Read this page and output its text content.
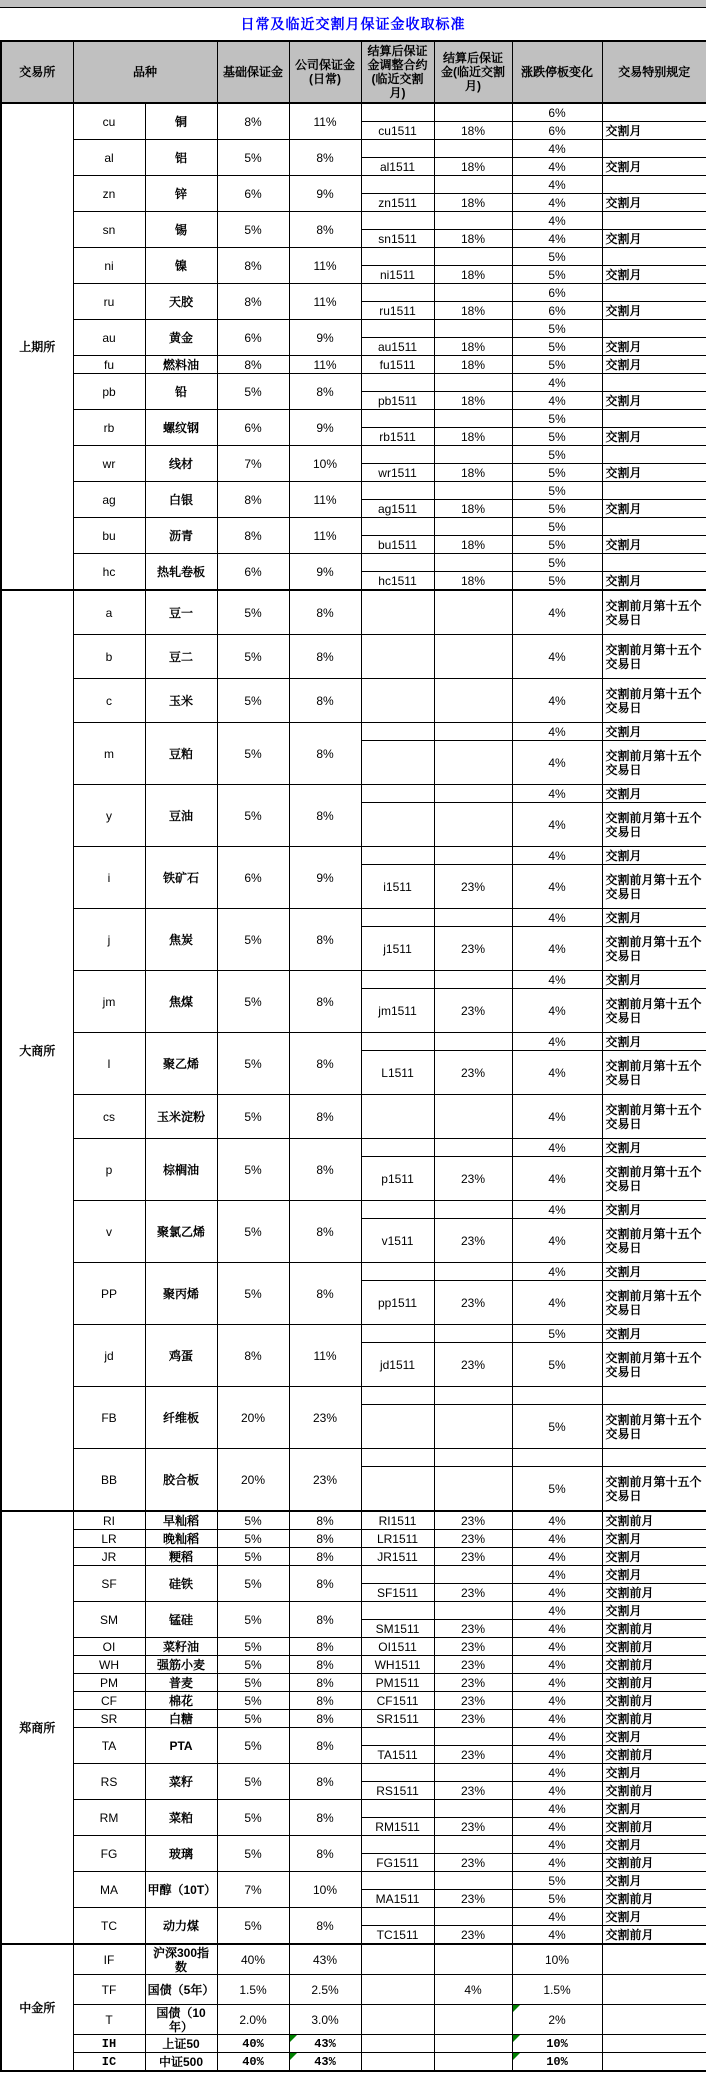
日常及临近交割月保证金收取标准
交易所	品种		基础保证金	公司保证金(日常)	结算后保证金调整合约(临近交割月)	结算后保证金(临近交割月)	涨跌停板变化	交易特别规定
上期所	cu	铜	8%	11%			6%	
					cu1511	18%	6%	交割月
	al	铝	5%	8%			4%	
					al1511	18%	4%	交割月
	zn	锌	6%	9%			4%	
					zn1511	18%	4%	交割月
	sn	锡	5%	8%			4%	
					sn1511	18%	4%	交割月
	ni	镍	8%	11%			5%	
					ni1511	18%	5%	交割月
	ru	天胶	8%	11%			6%	
					ru1511	18%	6%	交割月
	au	黄金	6%	9%			5%	
					au1511	18%	5%	交割月
	fu	燃料油	8%	11%	fu1511	18%	5%	交割月
	pb	铅	5%	8%			4%	
					pb1511	18%	4%	交割月
	rb	螺纹钢	6%	9%			5%	
					rb1511	18%	5%	交割月
	wr	线材	7%	10%			5%	
					wr1511	18%	5%	交割月
	ag	白银	8%	11%			5%	
					ag1511	18%	5%	交割月
	bu	沥青	8%	11%			5%	
					bu1511	18%	5%	交割月
	hc	热轧卷板	6%	9%			5%	
					hc1511	18%	5%	交割月
大商所	a	豆一	5%	8%			4%	交割前月第十五个交易日
	b	豆二	5%	8%			4%	交割前月第十五个交易日
	c	玉米	5%	8%			4%	交割前月第十五个交易日
	m	豆粕	5%	8%			4%	交割月
							4%	交割前月第十五个交易日
	y	豆油	5%	8%			4%	交割月
							4%	交割前月第十五个交易日
	i	铁矿石	6%	9%			4%	交割月
					i1511	23%	4%	交割前月第十五个交易日
	j	焦炭	5%	8%			4%	交割月
					j1511	23%	4%	交割前月第十五个交易日
	jm	焦煤	5%	8%			4%	交割月
					jm1511	23%	4%	交割前月第十五个交易日
	l	聚乙烯	5%	8%			4%	交割月
					L1511	23%	4%	交割前月第十五个交易日
	cs	玉米淀粉	5%	8%			4%	交割前月第十五个交易日
	p	棕榈油	5%	8%			4%	交割月
					p1511	23%	4%	交割前月第十五个交易日
	v	聚氯乙烯	5%	8%			4%	交割月
					v1511	23%	4%	交割前月第十五个交易日
	PP	聚丙烯	5%	8%			4%	交割月
					pp1511	23%	4%	交割前月第十五个交易日
	jd	鸡蛋	8%	11%			5%	交割月
					jd1511	23%	5%	交割前月第十五个交易日
	FB	纤维板	20%	23%				
							5%	交割前月第十五个交易日
	BB	胶合板	20%	23%				
							5%	交割前月第十五个交易日
郑商所	RI	早籼稻	5%	8%	RI1511	23%	4%	交割前月
	LR	晚籼稻	5%	8%	LR1511	23%	4%	交割月
	JR	粳稻	5%	8%	JR1511	23%	4%	交割月
	SF	硅铁	5%	8%			4%	交割月
					SF1511	23%	4%	交割前月
	SM	锰硅	5%	8%			4%	交割月
					SM1511	23%	4%	交割前月
	OI	菜籽油	5%	8%	OI1511	23%	4%	交割前月
	WH	强筋小麦	5%	8%	WH1511	23%	4%	交割前月
	PM	普麦	5%	8%	PM1511	23%	4%	交割前月
	CF	棉花	5%	8%	CF1511	23%	4%	交割前月
	SR	白糖	5%	8%	SR1511	23%	4%	交割前月
	TA	PTA	5%	8%			4%	交割月
					TA1511	23%	4%	交割前月
	RS	菜籽	5%	8%			4%	交割月
					RS1511	23%	4%	交割前月
	RM	菜粕	5%	8%			4%	交割月
					RM1511	23%	4%	交割前月
	FG	玻璃	5%	8%			4%	交割月
					FG1511	23%	4%	交割前月
	MA	甲醇（10T）	7%	10%			5%	交割月
					MA1511	23%	5%	交割前月
	TC	动力煤	5%	8%			4%	交割月
					TC1511	23%	4%	交割前月
中金所	IF	沪深300指数	40%	43%			10%	
	TF	国债（5年）	1.5%	2.5%		4%	1.5%	
	T	国债（10年）	2.0%	3.0%			2%	
	IH	上证50	40%	43%			10%	
	IC	中证500	40%	43%			10%	
